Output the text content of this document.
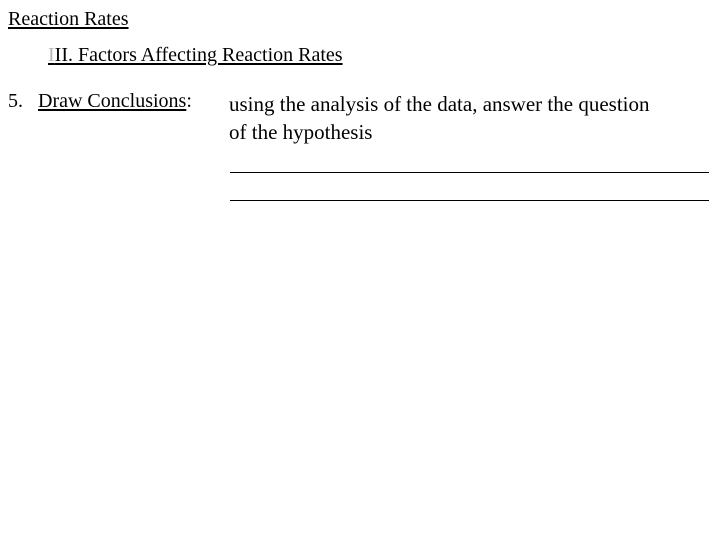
Reaction Rates
III. Factors Affecting Reaction Rates
5. Draw Conclusions: using the analysis of the data, answer the question
of the hypothesis
